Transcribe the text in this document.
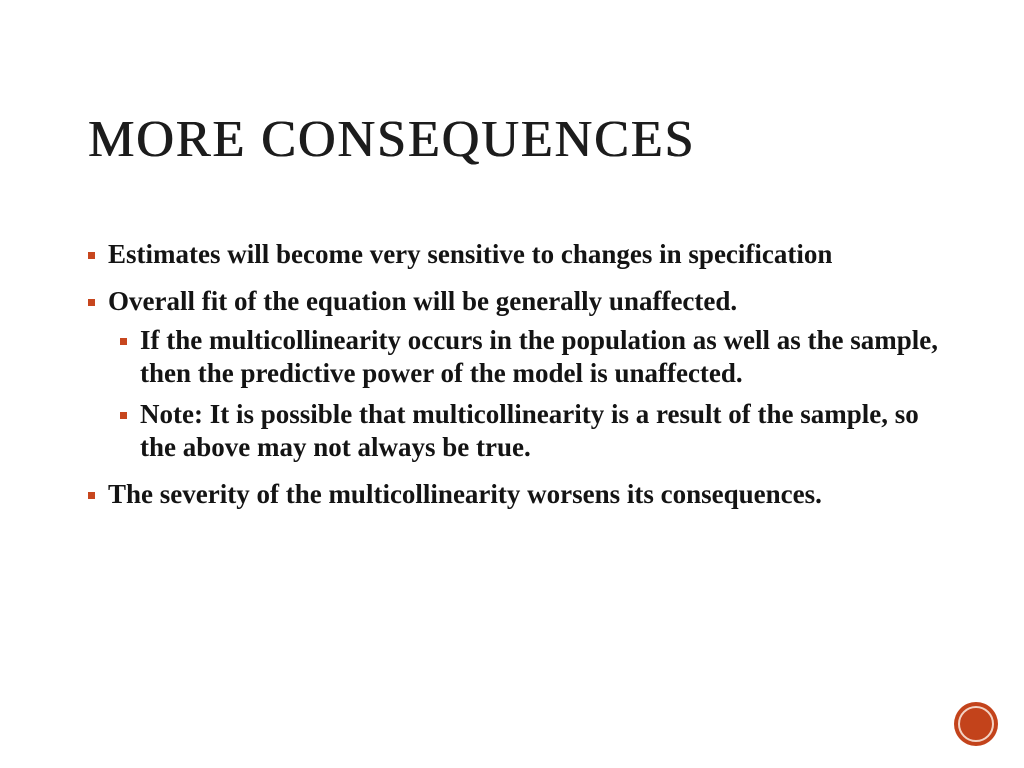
MORE CONSEQUENCES
Estimates will become very sensitive to changes in specification
Overall fit of the equation will be generally unaffected.
If the multicollinearity occurs in the population as well as the sample, then the predictive power of the model is unaffected.
Note: It is possible that multicollinearity is a result of the sample, so the above may not always be true.
The severity of the multicollinearity worsens its consequences.
